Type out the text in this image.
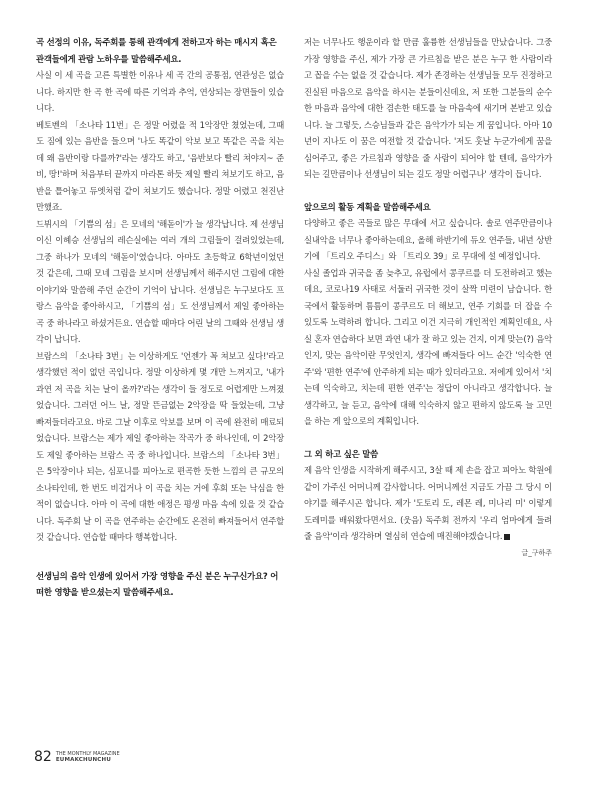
곡 선정의 이유, 독주회를 통해 관객에게 전하고자 하는 매시지 혹은 관객들에게 관람 노하우를 말씀해주세요.

사실 이 세 곡을 고른 특별한 이유나 세 곡 간의 공통점, 연관성은 없습니다. 하지만 한 곡 한 곡에 따른 기억과 추억, 연상되는 장면들이 있습니다.

베토벤의 「소나타 11번」은 정말 어렸을 적 1악장만 쳤었는데, 그때도 짐에 있는 음반을 들으며 '나도 똑같이 악보 보고 똑같은 곡을 치는데 왜 음반이랑 다를까?'라는 생각도 하고, '음반보다 빨리 쳐야지~ 준비, 땅!'하며 처음부터 끝까지 마라톤 하듯 제일 빨리 쳐보기도 하고, 음반을 틀어놓고 듀엣처럼 같이 쳐보기도 했습니다. 정말 어렸고 천진난만했죠.

드뷔시의 「기쁨의 섬」은 모네의 '해돋이'가 늘 생각납니다. 제 선생님이신 이혜승 선생님의 레슨실에는 여러 개의 그림들이 걸려있었는데, 그중 하나가 모네의 '해돋이'였습니다. 아마도 초등학교 6학년이었던 것 같은데, 그때 모네 그림을 보시며 선생님께서 해주시던 그림에 대한 이야기와 말씀해 주던 순간이 기억이 납니다. 선생님은 누구보다도 프랑스 음악을 좋아하시고, 「기쁨의 섬」도 선생님께서 제일 좋아하는 곡 중 하나라고 하셨거든요. 연습할 때마다 어린 날의 그때와 선생님 생각이 납니다.

브람스의 「소나타 3번」는 이상하게도 '언젠가 꼭 쳐보고 싶다!'라고 생각했던 적이 없던 곡입니다. 정말 이상하게 몇 개만 느껴지고, '내가 과연 저 곡을 치는 날이 올까?'라는 생각이 들 정도로 어렵게만 느껴졌었습니다. 그러던 어느 날, 정말 뜬금없는 2악장을 딱 들었는데, 그냥 빠져들더라고요. 바로 그날 이후로 악보를 보며 이 곡에 완전히 매료되었습니다. 브람스는 제가 제일 좋아하는 작곡가 중 하나인데, 이 2악장도 제일 좋아하는 브람스 곡 중 하나입니다. 브람스의 「소나타 3번」은 5악장이나 되는, 심포니를 피아노로 편곡한 듯한 느낌의 큰 규모의 소나타인데, 한 번도 비겁거나 이 곡을 치는 거에 후회 또는 낙심을 한 적이 없습니다. 아마 이 곡에 대한 애정은 평생 마음 속에 있을 것 같습니다. 독주회 날 이 곡을 연주하는 순간에도 온전히 빠져들어서 연주할 것 같습니다. 연습할 때마다 행복합니다.

선생님의 음악 인생에 있어서 가장 영향을 주신 분은 누구신가요? 어떠한 영향을 받으셨는지 말씀해주세요.

저는 너무나도 행운이라 할 만큼 훌륭한 선생님들을 만났습니다. 그중 가장 영향을 주신, 제가 가장 큰 가르침을 받은 분은 누구 한 사람이라고 꼽을 수는 없을 것 같습니다. 제가 존경하는 선생님들 모두 진정하고 진실된 마음으로 음악을 하시는 분들이신데요, 저 또한 그분들의 순수한 마음과 음악에 대한 겸손한 태도를 늘 마음속에 새기며 본받고 있습니다. 늘 그렇듯, 스승님들과 같은 음악가가 되는 게 꿈입니다. 아마 10년이 지나도 이 꿈은 여전할 것 같습니다. '저도 훗날 누군가에게 꿈을 심어주고, 좋은 가르침과 영향을 줄 사람이 되어야 할 텐데, 음악가가 되는 길만큼이나 선생님이 되는 길도 정말 어렵구나' 생각이 듭니다.

앞으로의 활동 계획을 말씀해주세요

다양하고 좋은 곡들로 많은 무대에 서고 싶습니다. 솔로 연주만큼이나 실내악을 너무나 좋아하는데요, 올해 하반기에 듀오 연주들, 내년 상반기에 「트리오 주디스」와 「트리오 39」로 무대에 설 예정입니다.

사실 졸업과 귀국을 좀 늦추고, 유럽에서 콩쿠르를 더 도전하려고 했는데요, 코로나19 사태로 서둘러 귀국한 것이 살짝 미련이 남습니다. 한국에서 활동하며 틈틈이 콩쿠르도 더 해보고, 연주 기회를 더 잡을 수 있도록 노력하려 합니다. 그리고 이건 지극히 개인적인 계획인데요, 사실 혼자 연습하다 보면 과연 내가 잘 하고 있는 건지, 이게 맞는(?) 음악인지, 맞는 음악이란 무엇인지, 생각에 빠져들다 어느 순간 '익숙한 연주'와 '편한 연주'에 안주하게 되는 때가 있더라고요. 저에게 있어서 '치는데 익숙하고, 치는데 편한 연주'는 정답이 아니라고 생각합니다. 늘 생각하고, 늘 듣고, 음악에 대해 익숙하지 않고 편하지 않도록 늘 고민을 하는 게 앞으로의 계획입니다.

그 외 하고 싶은 말씀

제 음악 인생을 시작하게 해주시고, 3살 때 제 손을 잡고 피아노 학원에 같이 가주신 어머니께 감사합니다. 어머니께선 지금도 가끔 그 당시 이야기를 해주시곤 합니다. 제가 '도토리 도, 레몬 레, 미나리 미' 이렇게 도레미를 배워왔다면서요. (웃음) 독주회 전까지 '우리 엄마에게 들려줄 음악'이라 생각하며 열심히 연습에 매진해야겠습니다.

글_구하주
82 THE MONTHLY MAGAZINE
EUMAKCHUNCHU
